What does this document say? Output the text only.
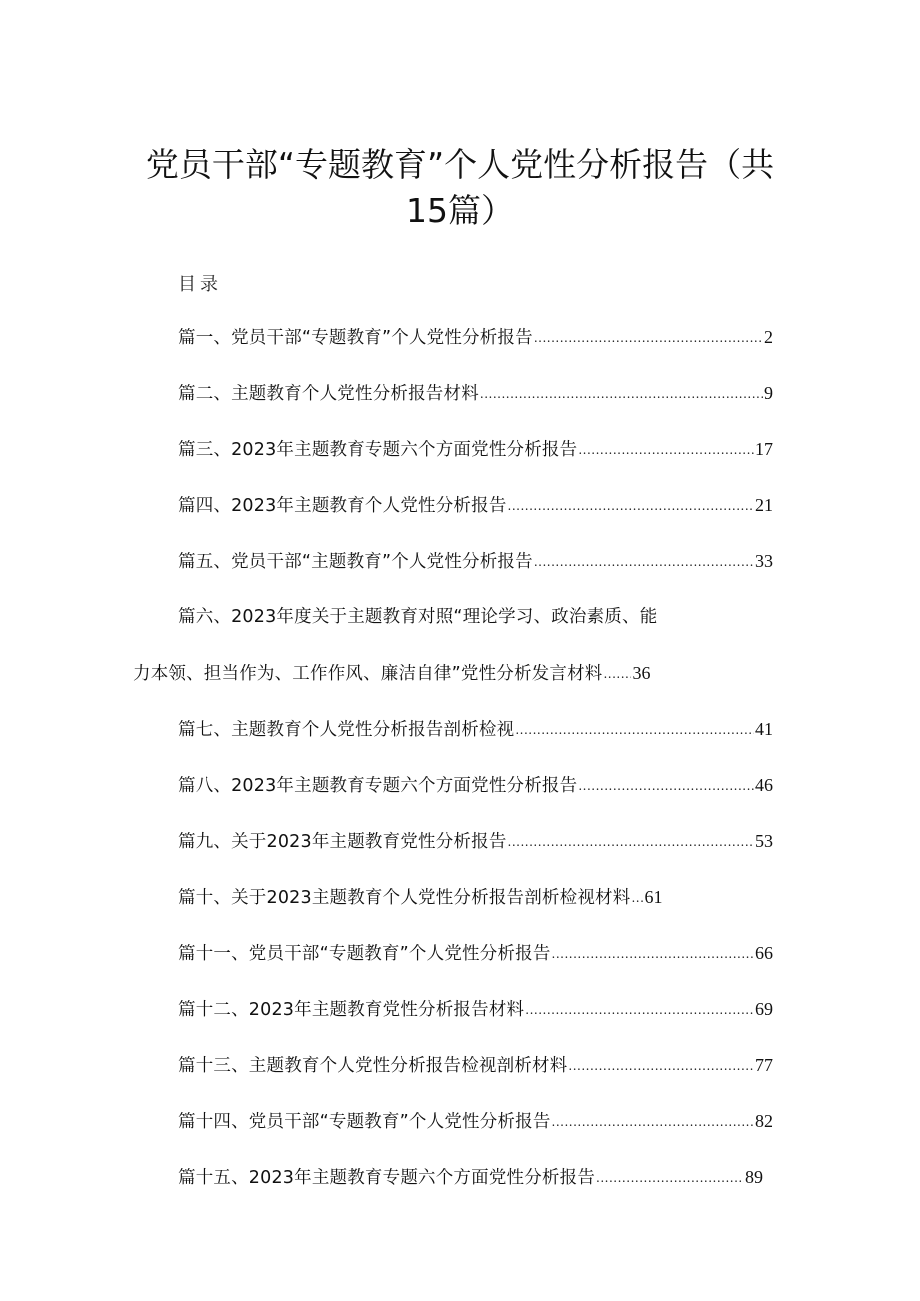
党员干部“专题教育”个人党性分析报告（共
15篇）
目录
篇一、党员干部“专题教育”个人党性分析报告 .....	2
篇二、主题教育个人党性分析报告材料 .....	9
篇三、2023年主题教育专题六个方面党性分析报告 .....	17
篇四、2023年主题教育个人党性分析报告 .....	21
篇五、党员干部“主题教育”个人党性分析报告 .....	33
篇六、2023年度关于主题教育对照“理论学习、政治素质、能
力本领、担当作为、工作作风、廉洁自律”党性分析发言材料 ..... 36
篇七、主题教育个人党性分析报告剖析检视 .....	41
篇八、2023年主题教育专题六个方面党性分析报告 .....	46
篇九、关于2023年主题教育党性分析报告 .....	53
篇十、关于2023主题教育个人党性分析报告剖析检视材料 ..... 61
篇十一、党员干部“专题教育”个人党性分析报告 .....	66
篇十二、2023年主题教育党性分析报告材料 .....	69
篇十三、主题教育个人党性分析报告检视剖析材料 .....	77
篇十四、党员干部“专题教育”个人党性分析报告 .....	82
篇十五、2023年主题教育专题六个方面党性分析报告 .....	89
